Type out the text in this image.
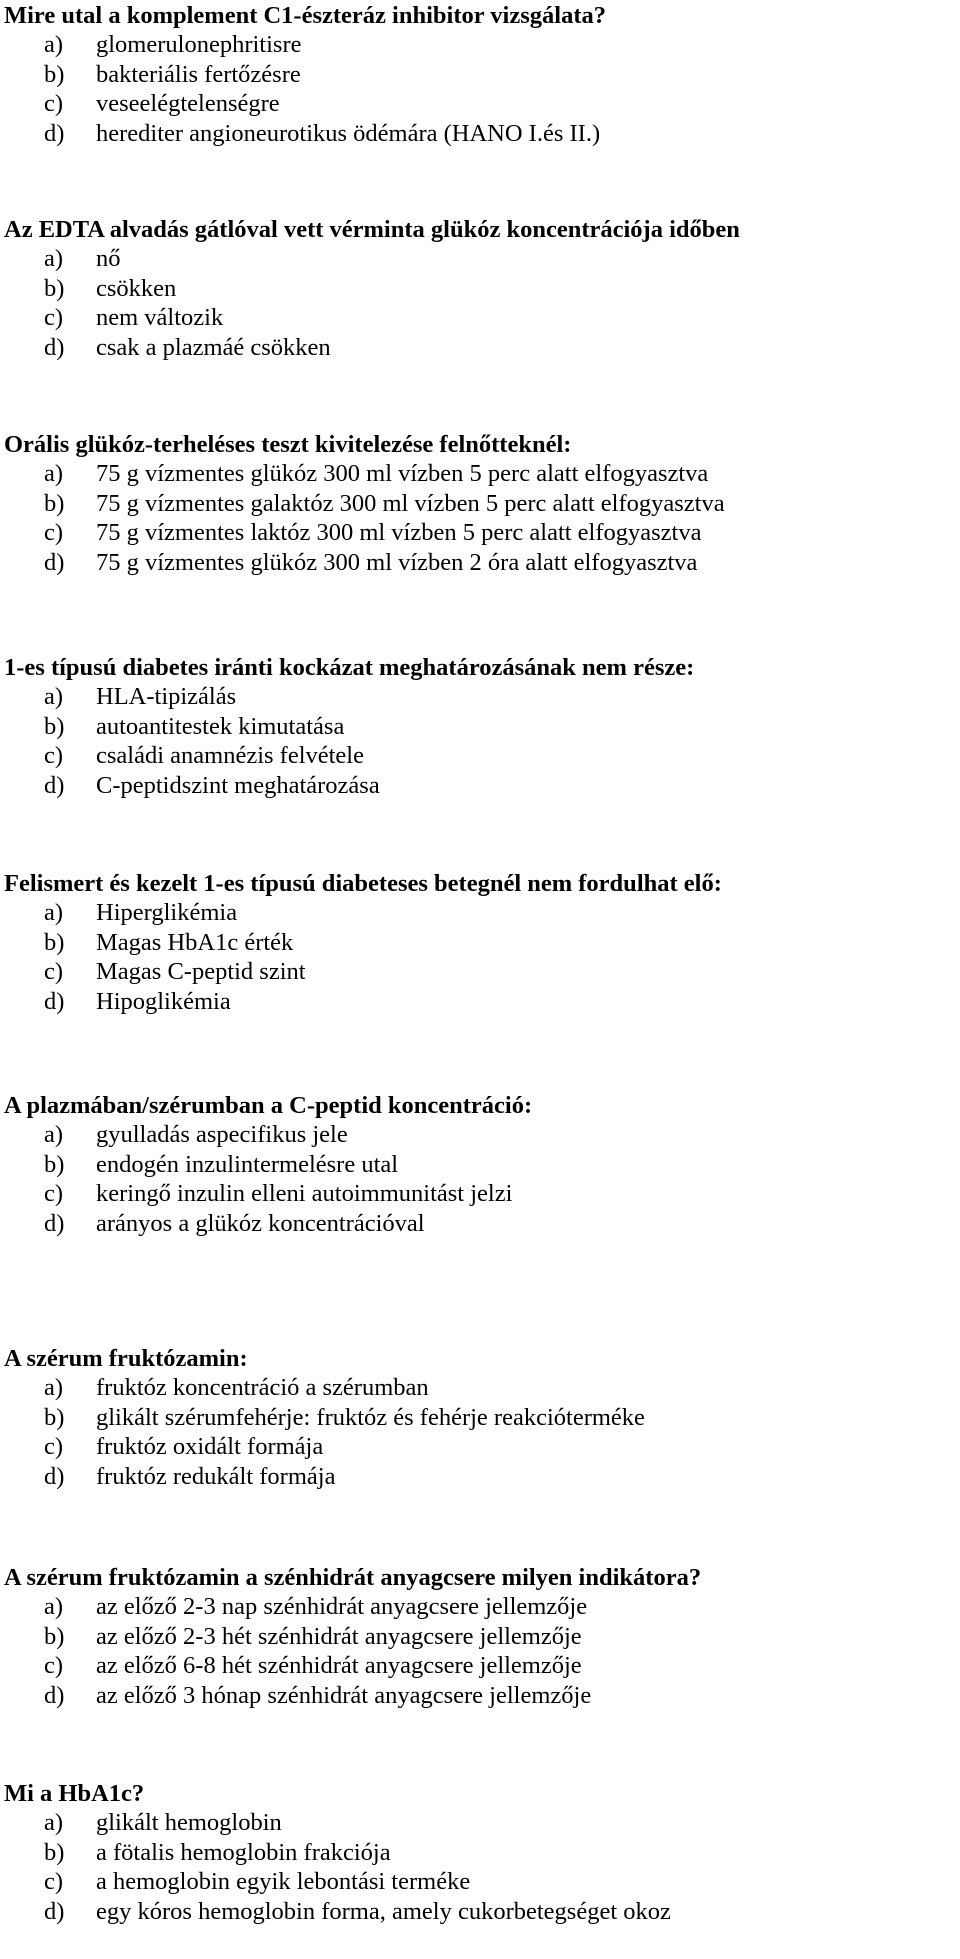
Mire utal a komplement C1-észteráz inhibitor vizsgálata?
a)	glomerulonephritisre
b)	bakteriális fertőzésre
c)	veseelégtelenségre
d)	herediter angioneurotikus ödémára (HANO I.és II.)
Az EDTA alvadás gátlóval vett vérminta glükóz koncentrációja időben
a)	nő
b)	csökken
c)	nem változik
d)	csak a plazmáé csökken
Orális glükóz-terheléses teszt kivitelezése felnőtteknél:
a)	75 g vízmentes glükóz 300 ml vízben 5 perc alatt elfogyasztva
b)	75 g vízmentes galaktóz 300 ml vízben 5 perc alatt elfogyasztva
c)	75 g vízmentes laktóz 300 ml vízben 5 perc alatt elfogyasztva
d)	75 g vízmentes glükóz 300 ml vízben 2 óra alatt elfogyasztva
1-es típusú diabetes iránti kockázat meghatározásának nem része:
a)	HLA-tipizálás
b)	autoantitestek kimutatása
c)	családi anamnézis felvétele
d)	C-peptidszint meghatározása
Felismert és kezelt 1-es típusú diabeteses betegnél nem fordulhat elő:
a)	Hiperglikémia
b)	Magas HbA1c érték
c)	Magas C-peptid szint
d)	Hipoglikémia
A plazmában/szérumban a C-peptid koncentráció:
a)	gyulladás aspecifikus jele
b)	endogén inzulintermelésre utal
c)	keringő inzulin elleni autoimmunitást jelzi
d)	arányos a glükóz koncentrációval
A szérum fruktózamin:
a)	fruktóz koncentráció a szérumban
b)	glikált szérumfehérje: fruktóz és fehérje reakcióterméke
c)	fruktóz oxidált formája
d)	fruktóz redukált formája
A szérum fruktózamin a szénhidrát anyagcsere milyen indikátora?
a)	az előző 2-3 nap szénhidrát anyagcsere jellemzője
b)	az előző 2-3 hét szénhidrát anyagcsere jellemzője
c)	az előző 6-8 hét szénhidrát anyagcsere jellemzője
d)	az előző 3 hónap szénhidrát anyagcsere jellemzője
Mi a HbA1c?
a)	glikált hemoglobin
b)	a fötalis hemoglobin frakciója
c)	a hemoglobin egyik lebontási terméke
d)	egy kóros hemoglobin forma, amely cukorbetegséget okoz
